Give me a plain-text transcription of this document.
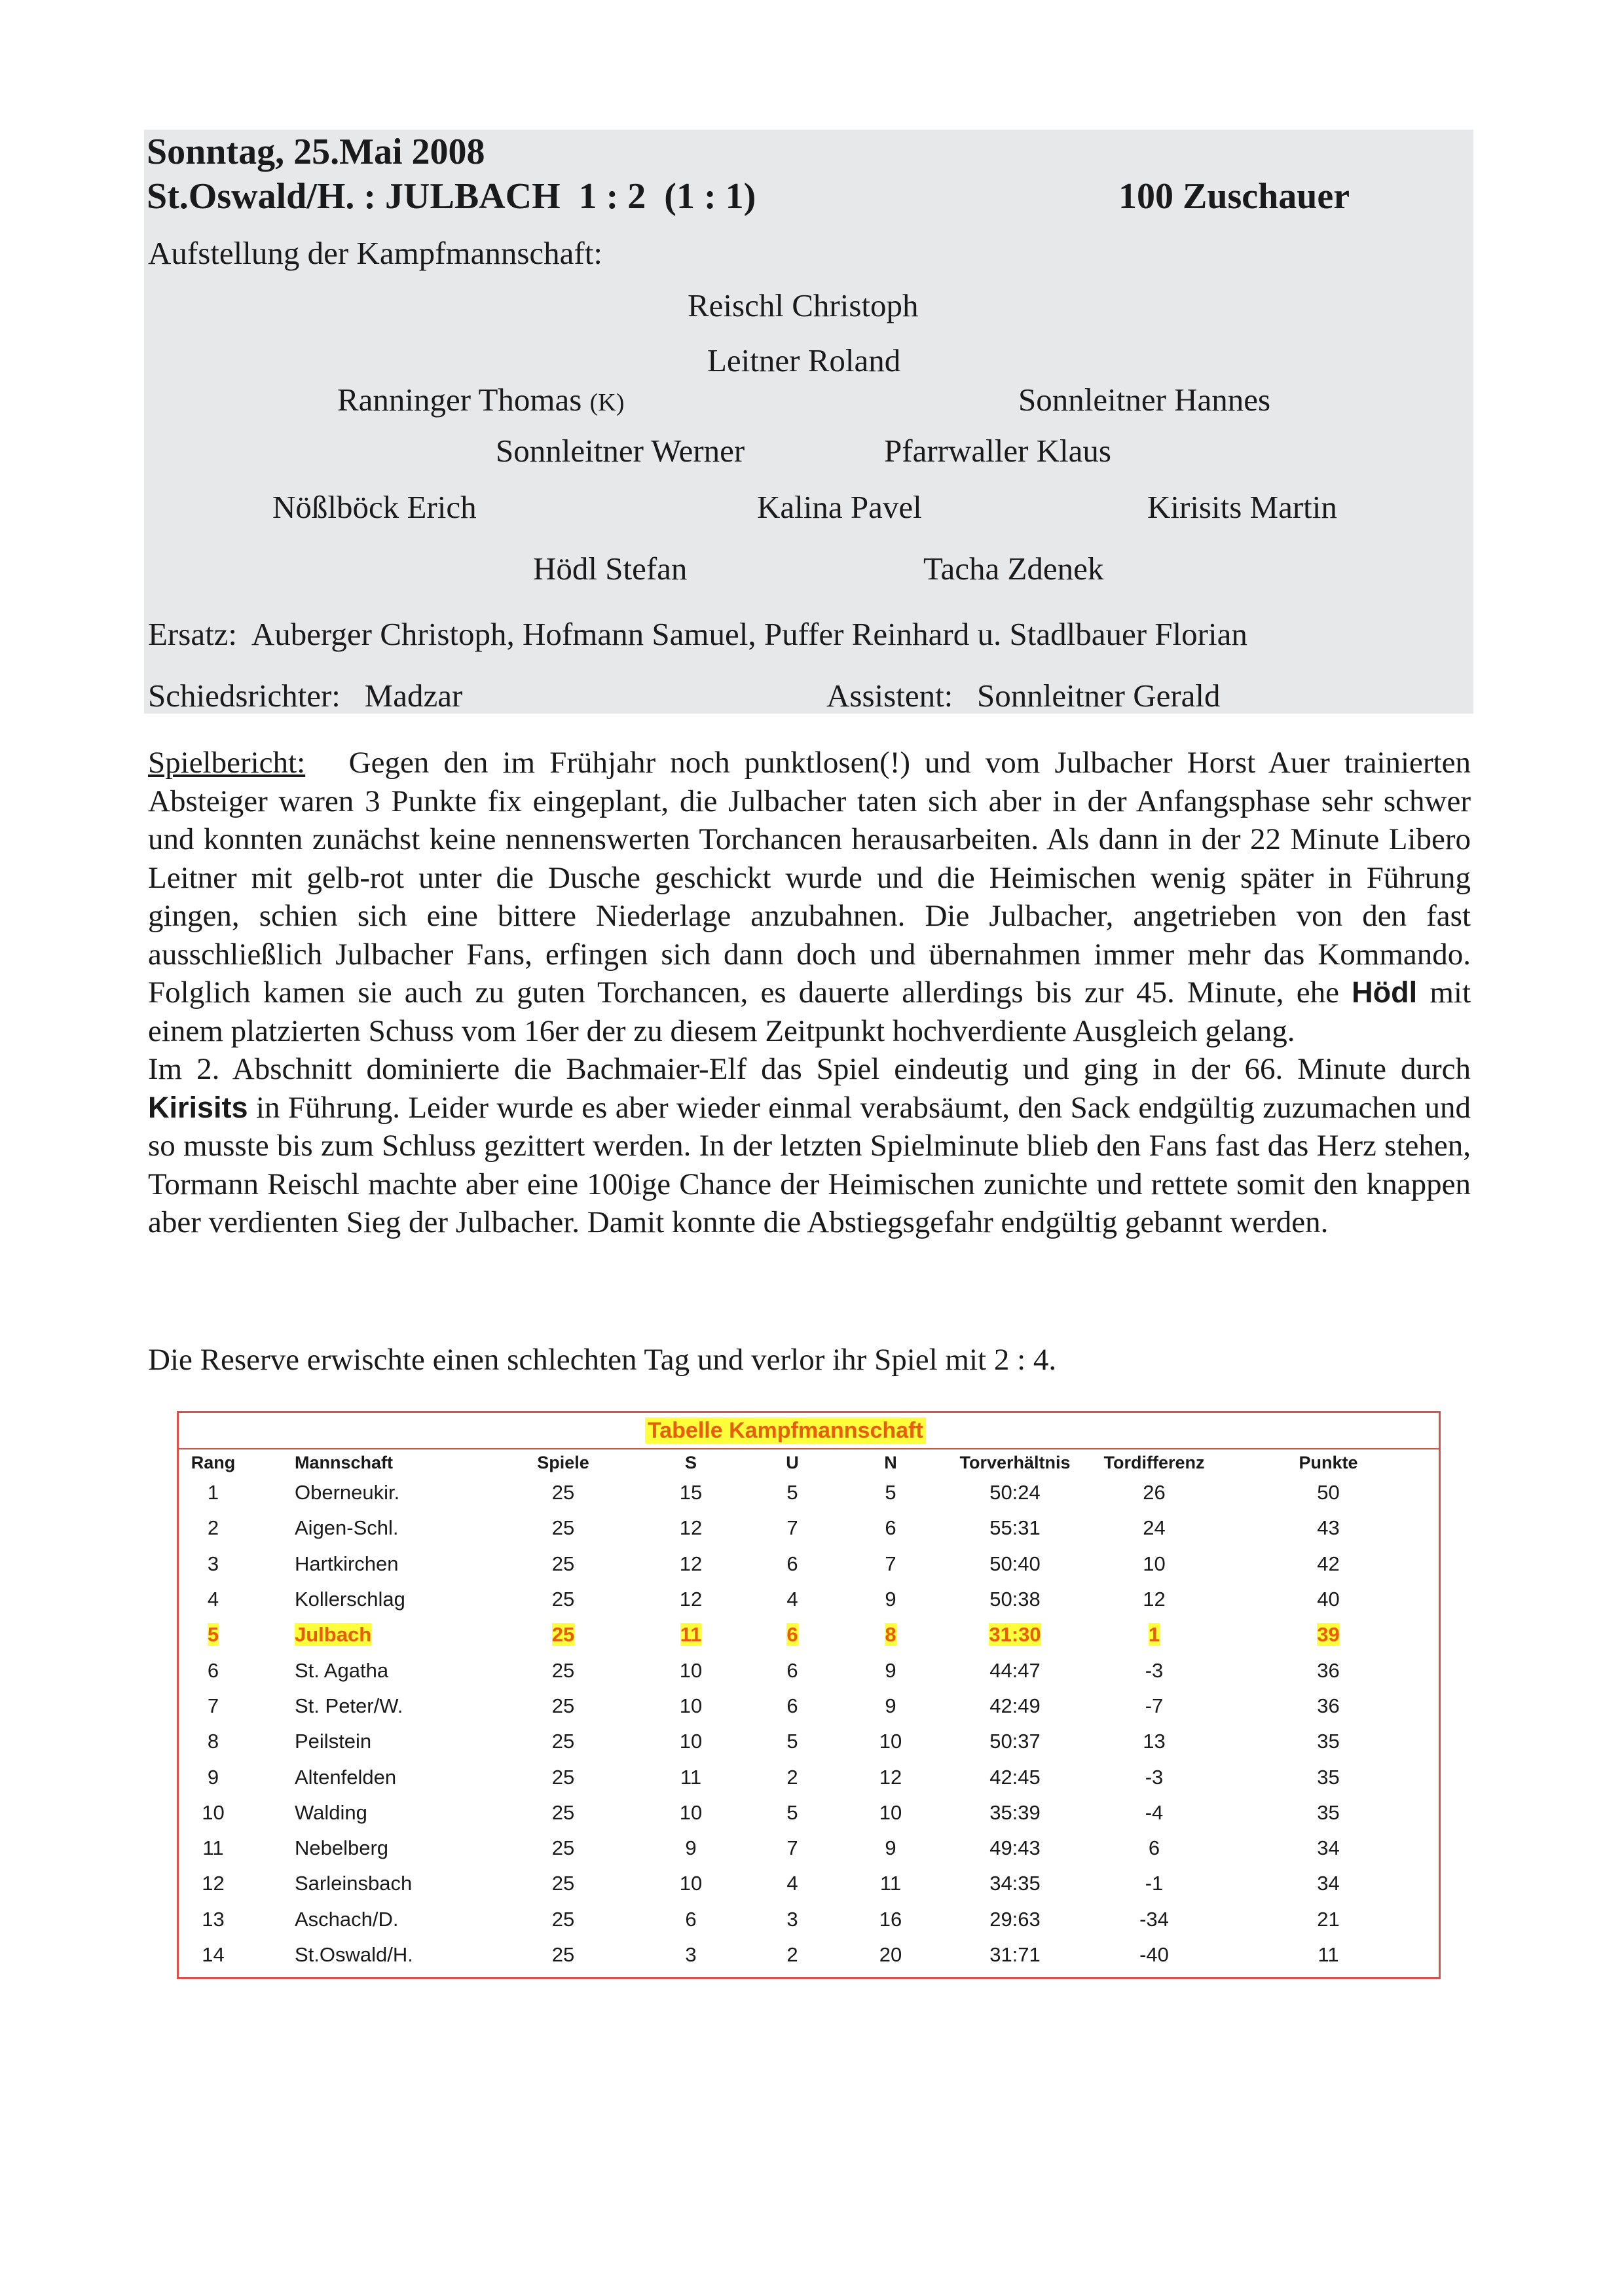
Sonntag, 25.Mai 2008
St.Oswald/H. : JULBACH  1 : 2  (1 : 1)	100 Zuschauer
Aufstellung der Kampfmannschaft:
Reischl Christoph
Leitner Roland
Ranninger Thomas (K)	Sonnleitner Hannes
Sonnleitner Werner	Pfarrwaller Klaus
Nößlböck Erich	Kalina Pavel	Kirisits Martin
Hödl Stefan	Tacha Zdenek
Ersatz: Auberger Christoph, Hofmann Samuel, Puffer Reinhard u. Stadlbauer Florian
Schiedsrichter: Madzar	Assistent: Sonnleitner Gerald

Spielbericht: Gegen den im Frühjahr noch punktlosen(!) und vom Julbacher Horst Auer trainierten Absteiger waren 3 Punkte fix eingeplant, die Julbacher taten sich aber in der Anfangsphase sehr schwer und konnten zunächst keine nennenswerten Torchancen herausarbeiten. Als dann in der 22 Minute Libero Leitner mit gelb-rot unter die Dusche geschickt wurde und die Heimischen wenig später in Führung gingen, schien sich eine bittere Niederlage anzubahnen. Die Julbacher, angetrieben von den fast ausschließlich Julbacher Fans, erfingen sich dann doch und übernahmen immer mehr das Kommando. Folglich kamen sie auch zu guten Torchancen, es dauerte allerdings bis zur 45. Minute, ehe Hödl mit einem platzierten Schuss vom 16er der zu diesem Zeitpunkt hochverdiente Ausgleich gelang.

Im 2. Abschnitt dominierte die Bachmaier-Elf das Spiel eindeutig und ging in der 66. Minute durch Kirisits in Führung. Leider wurde es aber wieder einmal verabsäumt, den Sack endgültig zuzumachen und so musste bis zum Schluss gezittert werden. In der letzten Spielminute blieb den Fans fast das Herz stehen, Tormann Reischl machte aber eine 100ige Chance der Heimischen zunichte und rettete somit den knappen aber verdienten Sieg der Julbacher. Damit konnte die Abstiegsgefahr endgültig gebannt werden.

Die Reserve erwischte einen schlechten Tag und verlor ihr Spiel mit 2 : 4.
Tabelle Kampfmannschaft
Rang	Mannschaft	Spiele	S	U	N	Torverhältnis	Tordifferenz	Punkte
1	Oberneukir.	25	15	5	5	50:24	26	50
2	Aigen-Schl.	25	12	7	6	55:31	24	43
3	Hartkirchen	25	12	6	7	50:40	10	42
4	Kollerschlag	25	12	4	9	50:38	12	40
5	Julbach	25	11	6	8	31:30	1	39
6	St. Agatha	25	10	6	9	44:47	-3	36
7	St. Peter/W.	25	10	6	9	42:49	-7	36
8	Peilstein	25	10	5	10	50:37	13	35
9	Altenfelden	25	11	2	12	42:45	-3	35
10	Walding	25	10	5	10	35:39	-4	35
11	Nebelberg	25	9	7	9	49:43	6	34
12	Sarleinsbach	25	10	4	11	34:35	-1	34
13	Aschach/D.	25	6	3	16	29:63	-34	21
14	St.Oswald/H.	25	3	2	20	31:71	-40	11
